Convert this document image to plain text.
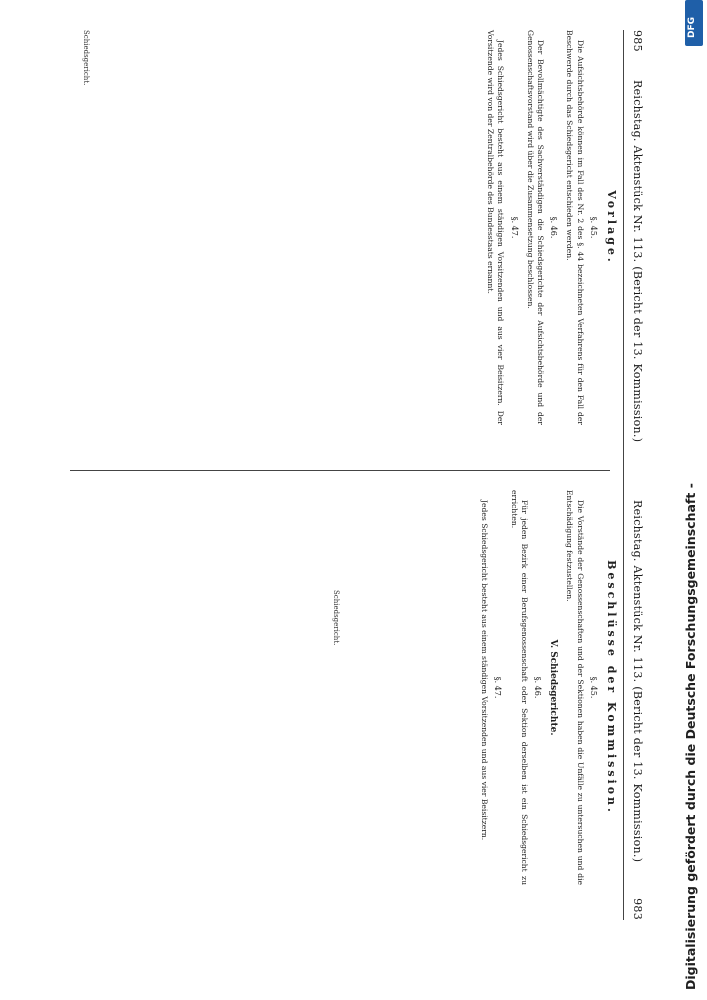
985
Reichstag. Aktenstück Nr. 113. (Bericht der 13. Kommission.)
Reichstag. Aktenstück Nr. 113. (Bericht der 13. Kommission.)
983
Vorlage.
§. 45.

Die Aufsichtsbehörde können im Fall des Nr. 2 des §. 44 bezeichneten Verfahrens für den Fall der Beschwerde durch das Schiedsgericht entschieden werden.

§. 46.

Der Bevollmächtigte des Sachverständigen die Schiedsgerichte der Aufsichtsbehörde und der Genossenschaftsvorstand wird über die Zusammensetzung beschlossen.

§. 47.

Jedes Schiedsgericht besteht aus einem ständigen Vorsitzenden und aus vier Beisitzern. Der Vorsitzende wird von der Zentralbehörde des Bundesstaats ernannt.

Beschlüsse der Kommission.
§. 45.

Die Vorstände der Genossenschaften und der Sektionen haben die Unfälle zu untersuchen und die Entschädigung festzustellen.

V. Schiedsgerichte.
§. 46.

Für jeden Bezirk einer Berufsgenossenschaft oder Sektion derselben ist ein Schiedsgericht zu errichten.

§. 47.

Jedes Schiedsgericht besteht aus einem ständigen Vorsitzenden und aus vier Beisitzern.

Schiedsgericht.
Schiedsgericht.
DFG
Digitalisierung gefördert durch die Deutsche Forschungsgemeinschaft -
